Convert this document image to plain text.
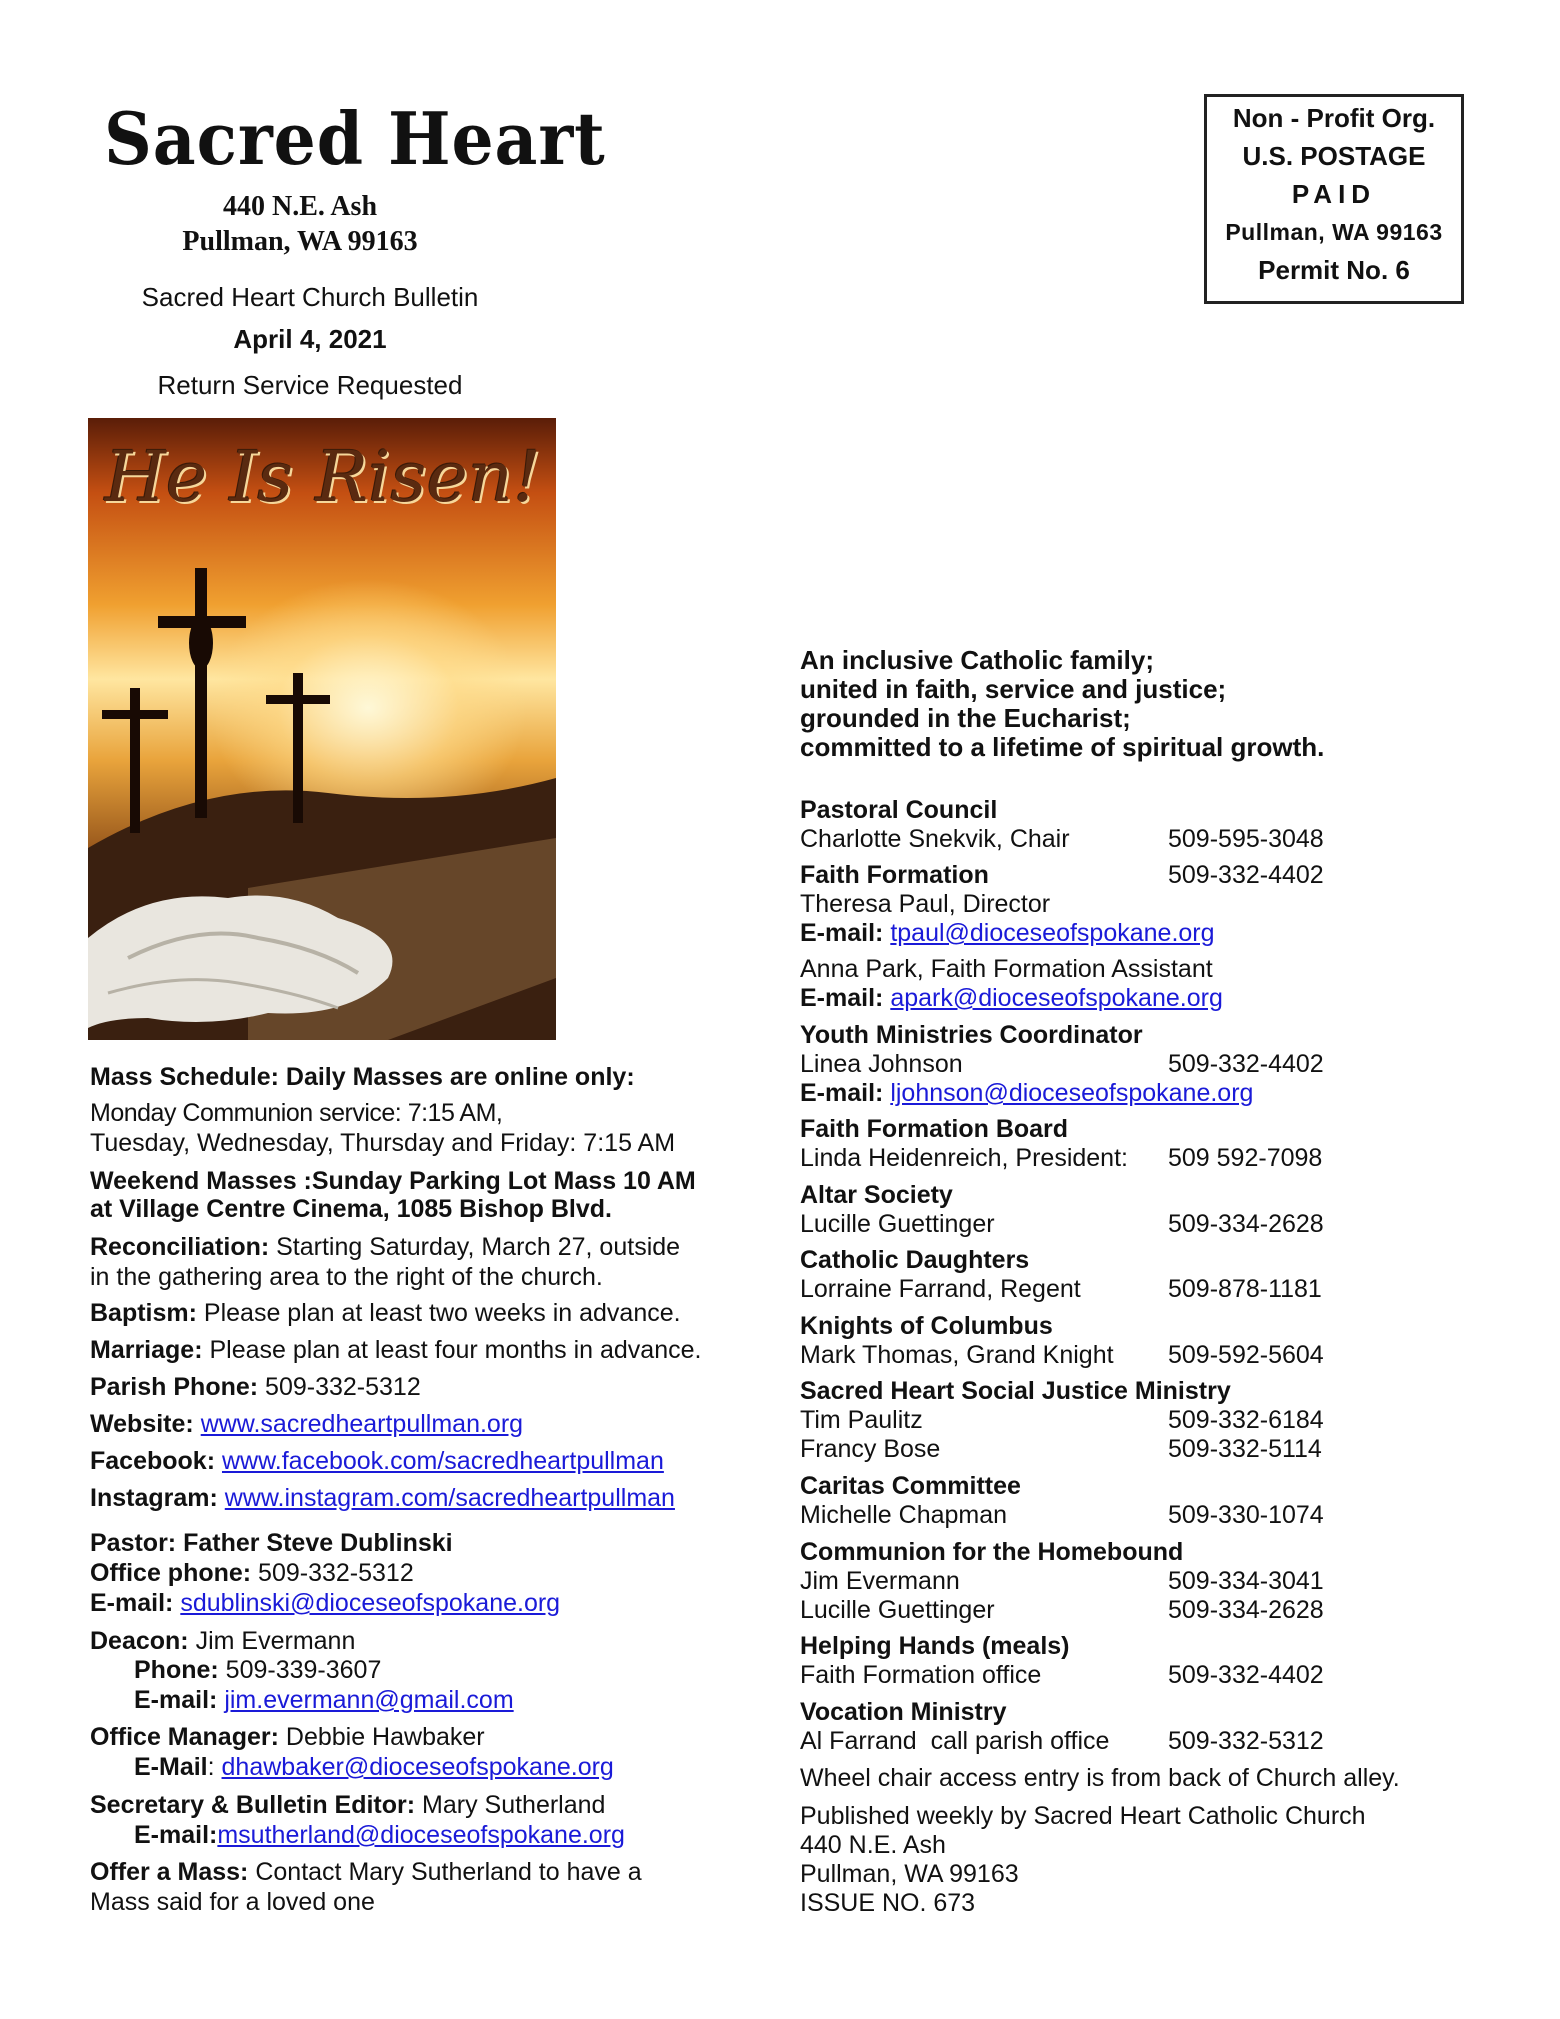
Sacred Heart
440 N.E. Ash
Pullman, WA 99163
Sacred Heart Church Bulletin
April 4, 2021
Return Service Requested
Non - Profit Org.
U.S. POSTAGE
PAID
Pullman, WA 99163
Permit No. 6
He Is Risen!
Mass Schedule: Daily Masses are online only:
Monday Communion service: 7:15 AM,
Tuesday, Wednesday, Thursday and Friday: 7:15 AM
Weekend Masses :Sunday Parking Lot Mass 10 AM
at Village Centre Cinema, 1085 Bishop Blvd.
Reconciliation: Starting Saturday, March 27, outside
in the gathering area to the right of the church.
Baptism: Please plan at least two weeks in advance.
Marriage: Please plan at least four months in advance.
Parish Phone: 509-332-5312
Website: www.sacredheartpullman.org
Facebook: www.facebook.com/sacredheartpullman
Instagram: www.instagram.com/sacredheartpullman
Pastor: Father Steve Dublinski
Office phone: 509-332-5312
E-mail: sdublinski@dioceseofspokane.org
Deacon: Jim Evermann
Phone: 509-339-3607
E-mail: jim.evermann@gmail.com
Office Manager: Debbie Hawbaker
E-Mail: dhawbaker@dioceseofspokane.org
Secretary & Bulletin Editor: Mary Sutherland
E-mail:msutherland@dioceseofspokane.org
Offer a Mass: Contact Mary Sutherland to have a
Mass said for a loved one
An inclusive Catholic family;
united in faith, service and justice;
grounded in the Eucharist;
committed to a lifetime of spiritual growth.
Pastoral Council
Charlotte Snekvik, Chair	509-595-3048
Faith Formation	509-332-4402
Theresa Paul, Director
E-mail: tpaul@dioceseofspokane.org
Anna Park, Faith Formation Assistant
E-mail: apark@dioceseofspokane.org
Youth Ministries Coordinator
Linea Johnson	509-332-4402
E-mail: ljohnson@dioceseofspokane.org
Faith Formation Board
Linda Heidenreich, President: 509 592-7098
Altar Society
Lucille Guettinger	509-334-2628
Catholic Daughters
Lorraine Farrand, Regent	509-878-1181
Knights of Columbus
Mark Thomas, Grand Knight 509-592-5604
Sacred Heart Social Justice Ministry
Tim Paulitz	509-332-6184
Francy Bose	509-332-5114
Caritas Committee
Michelle Chapman	509-330-1074
Communion for the Homebound
Jim Evermann	509-334-3041
Lucille Guettinger	509-334-2628
Helping Hands (meals)
Faith Formation office	509-332-4402
Vocation Ministry
Al Farrand  call parish office 509-332-5312
Wheel chair access entry is from back of Church alley.
Published weekly by Sacred Heart Catholic Church
440 N.E. Ash
Pullman, WA 99163
ISSUE NO. 673
